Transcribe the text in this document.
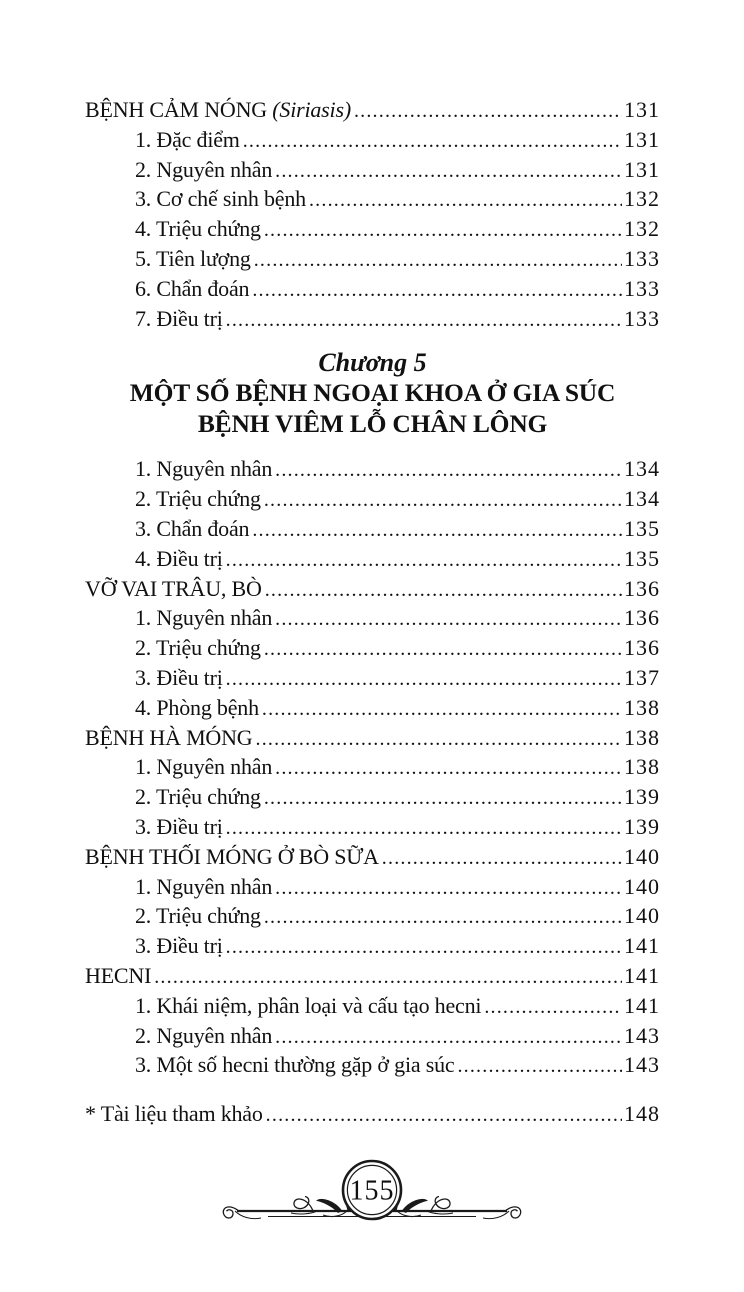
BỆNH CẢM NÓNG (Siriasis) .....	131
1. Đặc điểm .....	131
2. Nguyên nhân .....	131
3. Cơ chế sinh bệnh .....	132
4. Triệu chứng .....	132
5. Tiên lượng .....	133
6. Chẩn đoán .....	133
7. Điều trị .....	133
Chương 5
MỘT SỐ BỆNH NGOẠI KHOA Ở GIA SÚC
BỆNH VIÊM LỖ CHÂN LÔNG
1. Nguyên nhân .....	134
2. Triệu chứng .....	134
3. Chẩn đoán .....	135
4. Điều trị .....	135
VỠ VAI TRÂU, BÒ .....	136
1. Nguyên nhân .....	136
2. Triệu chứng .....	136
3. Điều trị .....	137
4. Phòng bệnh .....	138
BỆNH HÀ MÓNG .....	138
1. Nguyên nhân .....	138
2. Triệu chứng .....	139
3. Điều trị .....	139
BỆNH THỐI MÓNG Ở BÒ SỮA .....	140
1. Nguyên nhân .....	140
2. Triệu chứng .....	140
3. Điều trị .....	141
HECNI .....	141
1. Khái niệm, phân loại và cấu tạo hecni .....	141
2. Nguyên nhân .....	143
3. Một số hecni thường gặp ở gia súc .....	143
* Tài liệu tham khảo .....	148
155
